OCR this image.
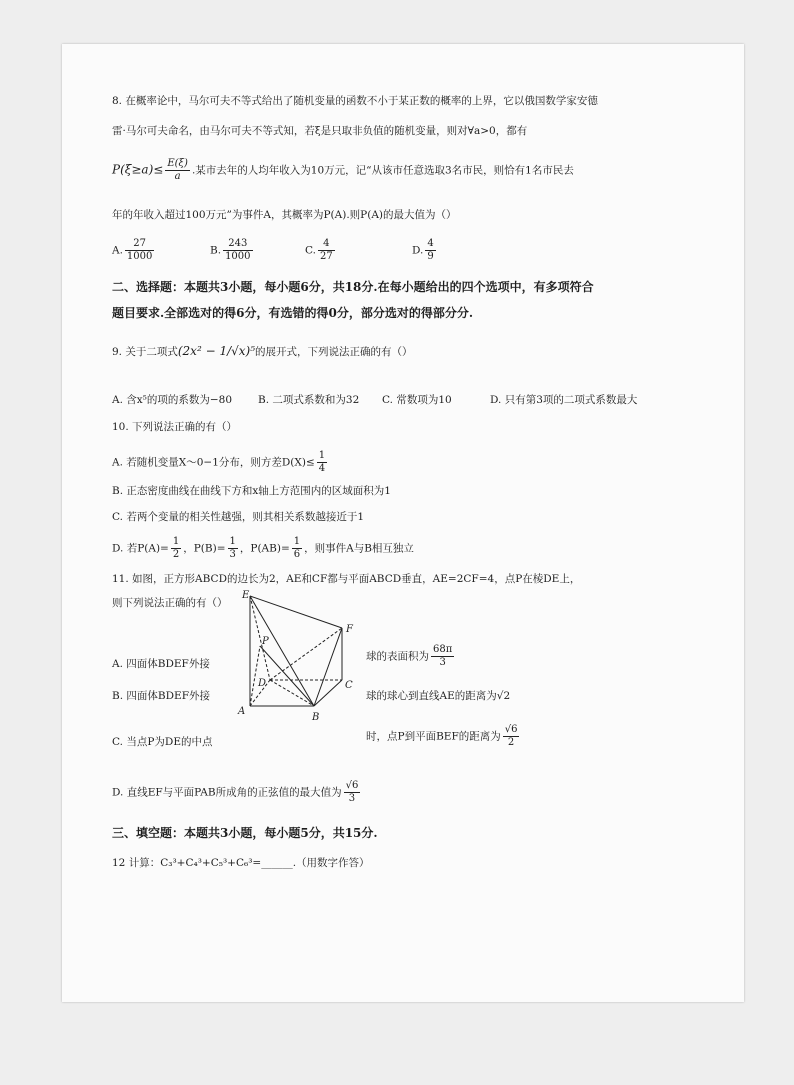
8. 在概率论中，马尔可夫不等式给出了随机变量的函数不小于某正数的概率的上界，它以俄国数学家安德
雷·马尔可夫命名，由马尔可夫不等式知，若ξ是只取非负值的随机变量，则对∀a>0，都有
$P(\xi\ge a)\le \frac{E(\xi)}{a}$ .某市去年的人均年收入为10万元，记“从该市任意选取3名市民，则恰有1名市民去
年的年收入超过100万元”为事件A，其概率为P(A).则P(A)的最大值为（）
A. $\frac{27}{1000}$	B. $\frac{243}{1000}$	C. $\frac{4}{27}$	D. $\frac{4}{9}$
二、选择题：本题共3小题，每小题6分，共18分.在每小题给出的四个选项中，有多项符合
题目要求.全部选对的得6分，有选错的得0分，部分选对的得部分分.
9. 关于二项式(2x² − 1/√x)⁵的展开式，下列说法正确的有（）
A. 含x⁵的项的系数为−80 B. 二项式系数和为32 C. 常数项为10	D. 只有第3项的二项式系数最大
10. 下列说法正确的有（）
A. 若随机变量X～0−1分布，则方差$D(X)\le \frac{1}{4}$
B. 正态密度曲线在曲线下方和x轴上方范围内的区域面积为1
C. 若两个变量的相关性越强，则其相关系数越接近于1
D. 若$P(A)= \frac{1}{2}$ ，$P(B)= \frac{1}{3}$ ，$P(AB)= \frac{1}{6}$ ，则事件A与B相互独立
11. 如图，正方形ABCD的边长为2，AE和CF都与平面ABCD垂直，AE=2CF=4，点P在棱DE上，
则下列说法正确的有（）
E
F
P
D	C
A
B
A. 四面体BDEF外接
球的表面积为 $\frac{68\pi}{3}$
B. 四面体BDEF外接	球的球心到直线AE的距离为√2
C. 当点P为DE的中点	时，点P到平面BEF的距离为 $\frac{√6}{2}$
D. 直线EF与平面PAB所成角的正弦值的最大值为 $\frac{√6}{3}$
三、填空题：本题共3小题，每小题5分，共15分.
12 计算：C₃³+C₄³+C₅³+C₆³=______.（用数字作答）
